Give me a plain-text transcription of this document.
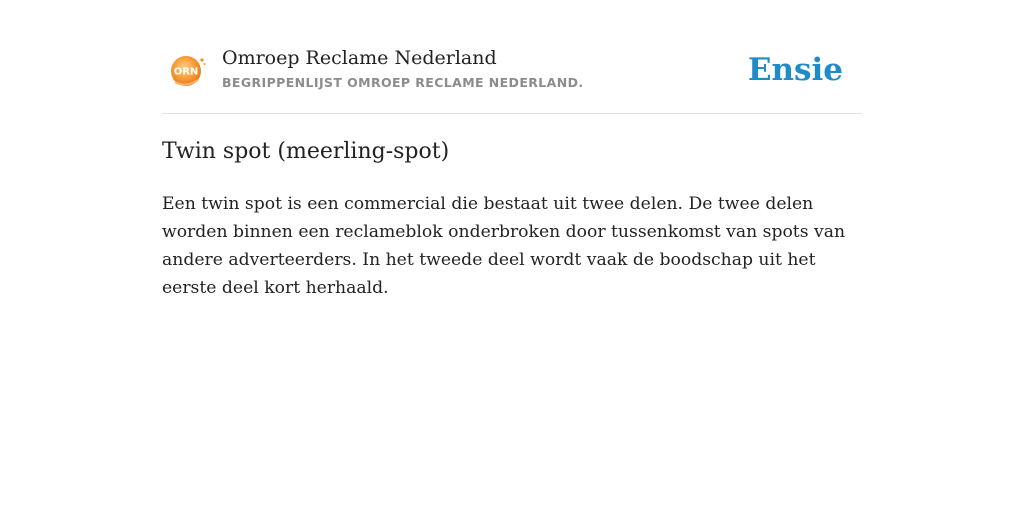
ORN
Omroep Reclame Nederland
BEGRIPPENLIJST OMROEP RECLAME NEDERLAND.	Ensie
Twin spot (meerling-spot)

Een twin spot is een commercial die bestaat uit twee delen. De twee delen worden binnen een reclameblok onderbroken door tussenkomst van spots van andere adverteerders. In het tweede deel wordt vaak de boodschap uit het eerste deel kort herhaald.
